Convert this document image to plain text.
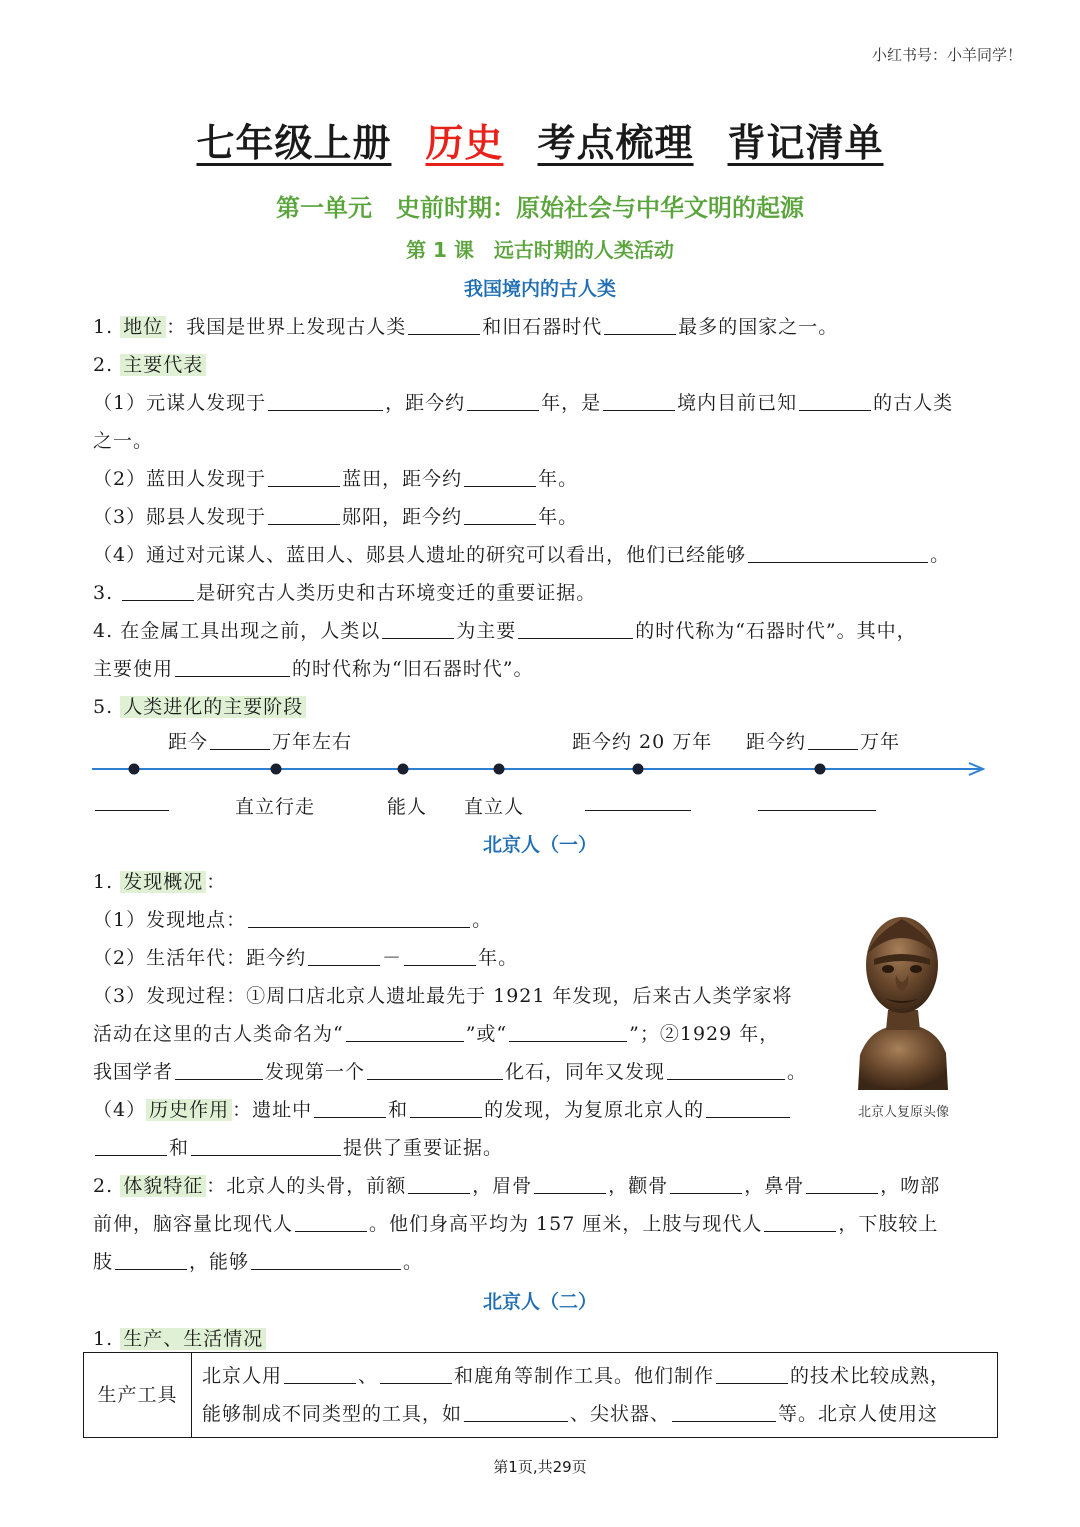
小红书号：小羊同学！
七年级上册 历史 考点梳理 背记清单
第一单元　史前时期：原始社会与中华文明的起源
第 1 课　远古时期的人类活动
我国境内的古人类
1. 地位 ：我国是世界上发现古人类	和旧石器时代	最多的国家之一。
2. 主要代表
（1）元谋人发现于	，距今约	年，是	境内目前已知	的古人类
之一。
（2）蓝田人发现于	蓝田，距今约	年。
（3）郧县人发现于	郧阳，距今约	年。
（4）通过对元谋人、蓝田人、郧县人遗址的研究可以看出，他们已经能够	。
3.	是研究古人类历史和古环境变迁的重要证据。
4. 在金属工具出现之前，人类以	为主要	的时代称为“石器时代”。其中，
主要使用	的时代称为“旧石器时代”。
5. 人类进化的主要阶段
距今	万年左右	距今约 20 万年 距今约	万年
直立行走	能人 直立人
北京人（一）
1. 发现概况 ：
（1）发现地点：	。
（2）生活年代：距今约	－	年。
（3）发现过程：①周口店北京人遗址最先于 1921 年发现，后来古人类学家将
活动在这里的古人类命名为“	”或“	”；②1929 年，
我国学者	发现第一个	化石，同年又发现	。
（4） 历史作用 ：遗址中	和	的发现，为复原北京人的
和	提供了重要证据。
北京人复原头像
2. 体貌特征 ：北京人的头骨，前额	，眉骨	，颧骨	，鼻骨	，吻部
前伸，脑容量比现代人	。他们身高平均为 157 厘米，上肢与现代人	，下肢较上
肢	，能够	。
北京人（二）
1. 生产、生活情况
生产工具	
北京人用	、	和鹿角等制作工具。他们制作	的技术比较成熟，
能够制成不同类型的工具，如	、尖状器、	等。北京人使用这
第1页,共29页
